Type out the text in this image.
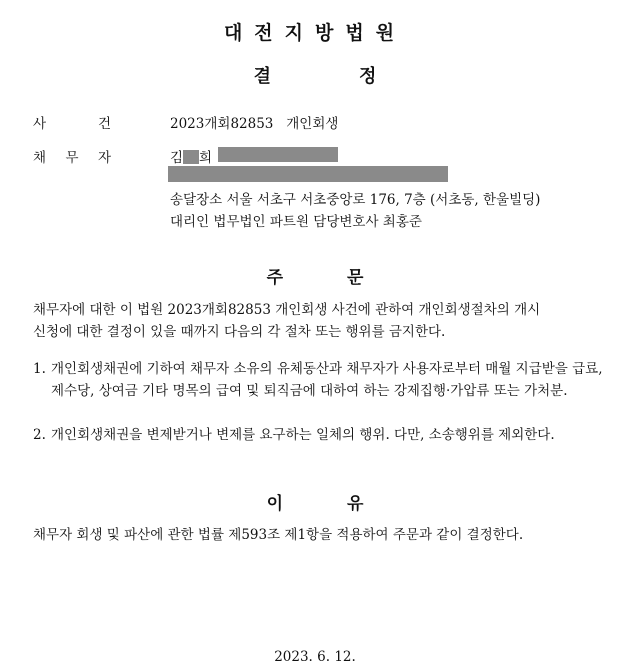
대전지방법원
결정
사	건	2023개회82853 개인회생
채 무 자	김 희
송달장소 서울 서초구 서초중앙로 176, 7층 (서초동, 한울빌딩)
대리인 법무법인 파트원 담당변호사 최홍준
주문
채무자에 대한 이 법원 2023개회82853 개인회생 사건에 관하여 개인회생절차의 개시
신청에 대한 결정이 있을 때까지 다음의 각 절차 또는 행위를 금지한다.
1. 개인회생채권에 기하여 채무자 소유의 유체동산과 채무자가 사용자로부터 매월 지급받을 급료, 제수당, 상여금 기타 명목의 급여 및 퇴직금에 대하여 하는 강제집행·가압류 또는 가처분.
2. 개인회생채권을 변제받거나 변제를 요구하는 일체의 행위. 다만, 소송행위를 제외한다.
이유
채무자 회생 및 파산에 관한 법률 제593조 제1항을 적용하여 주문과 같이 결정한다.
2023. 6. 12.
